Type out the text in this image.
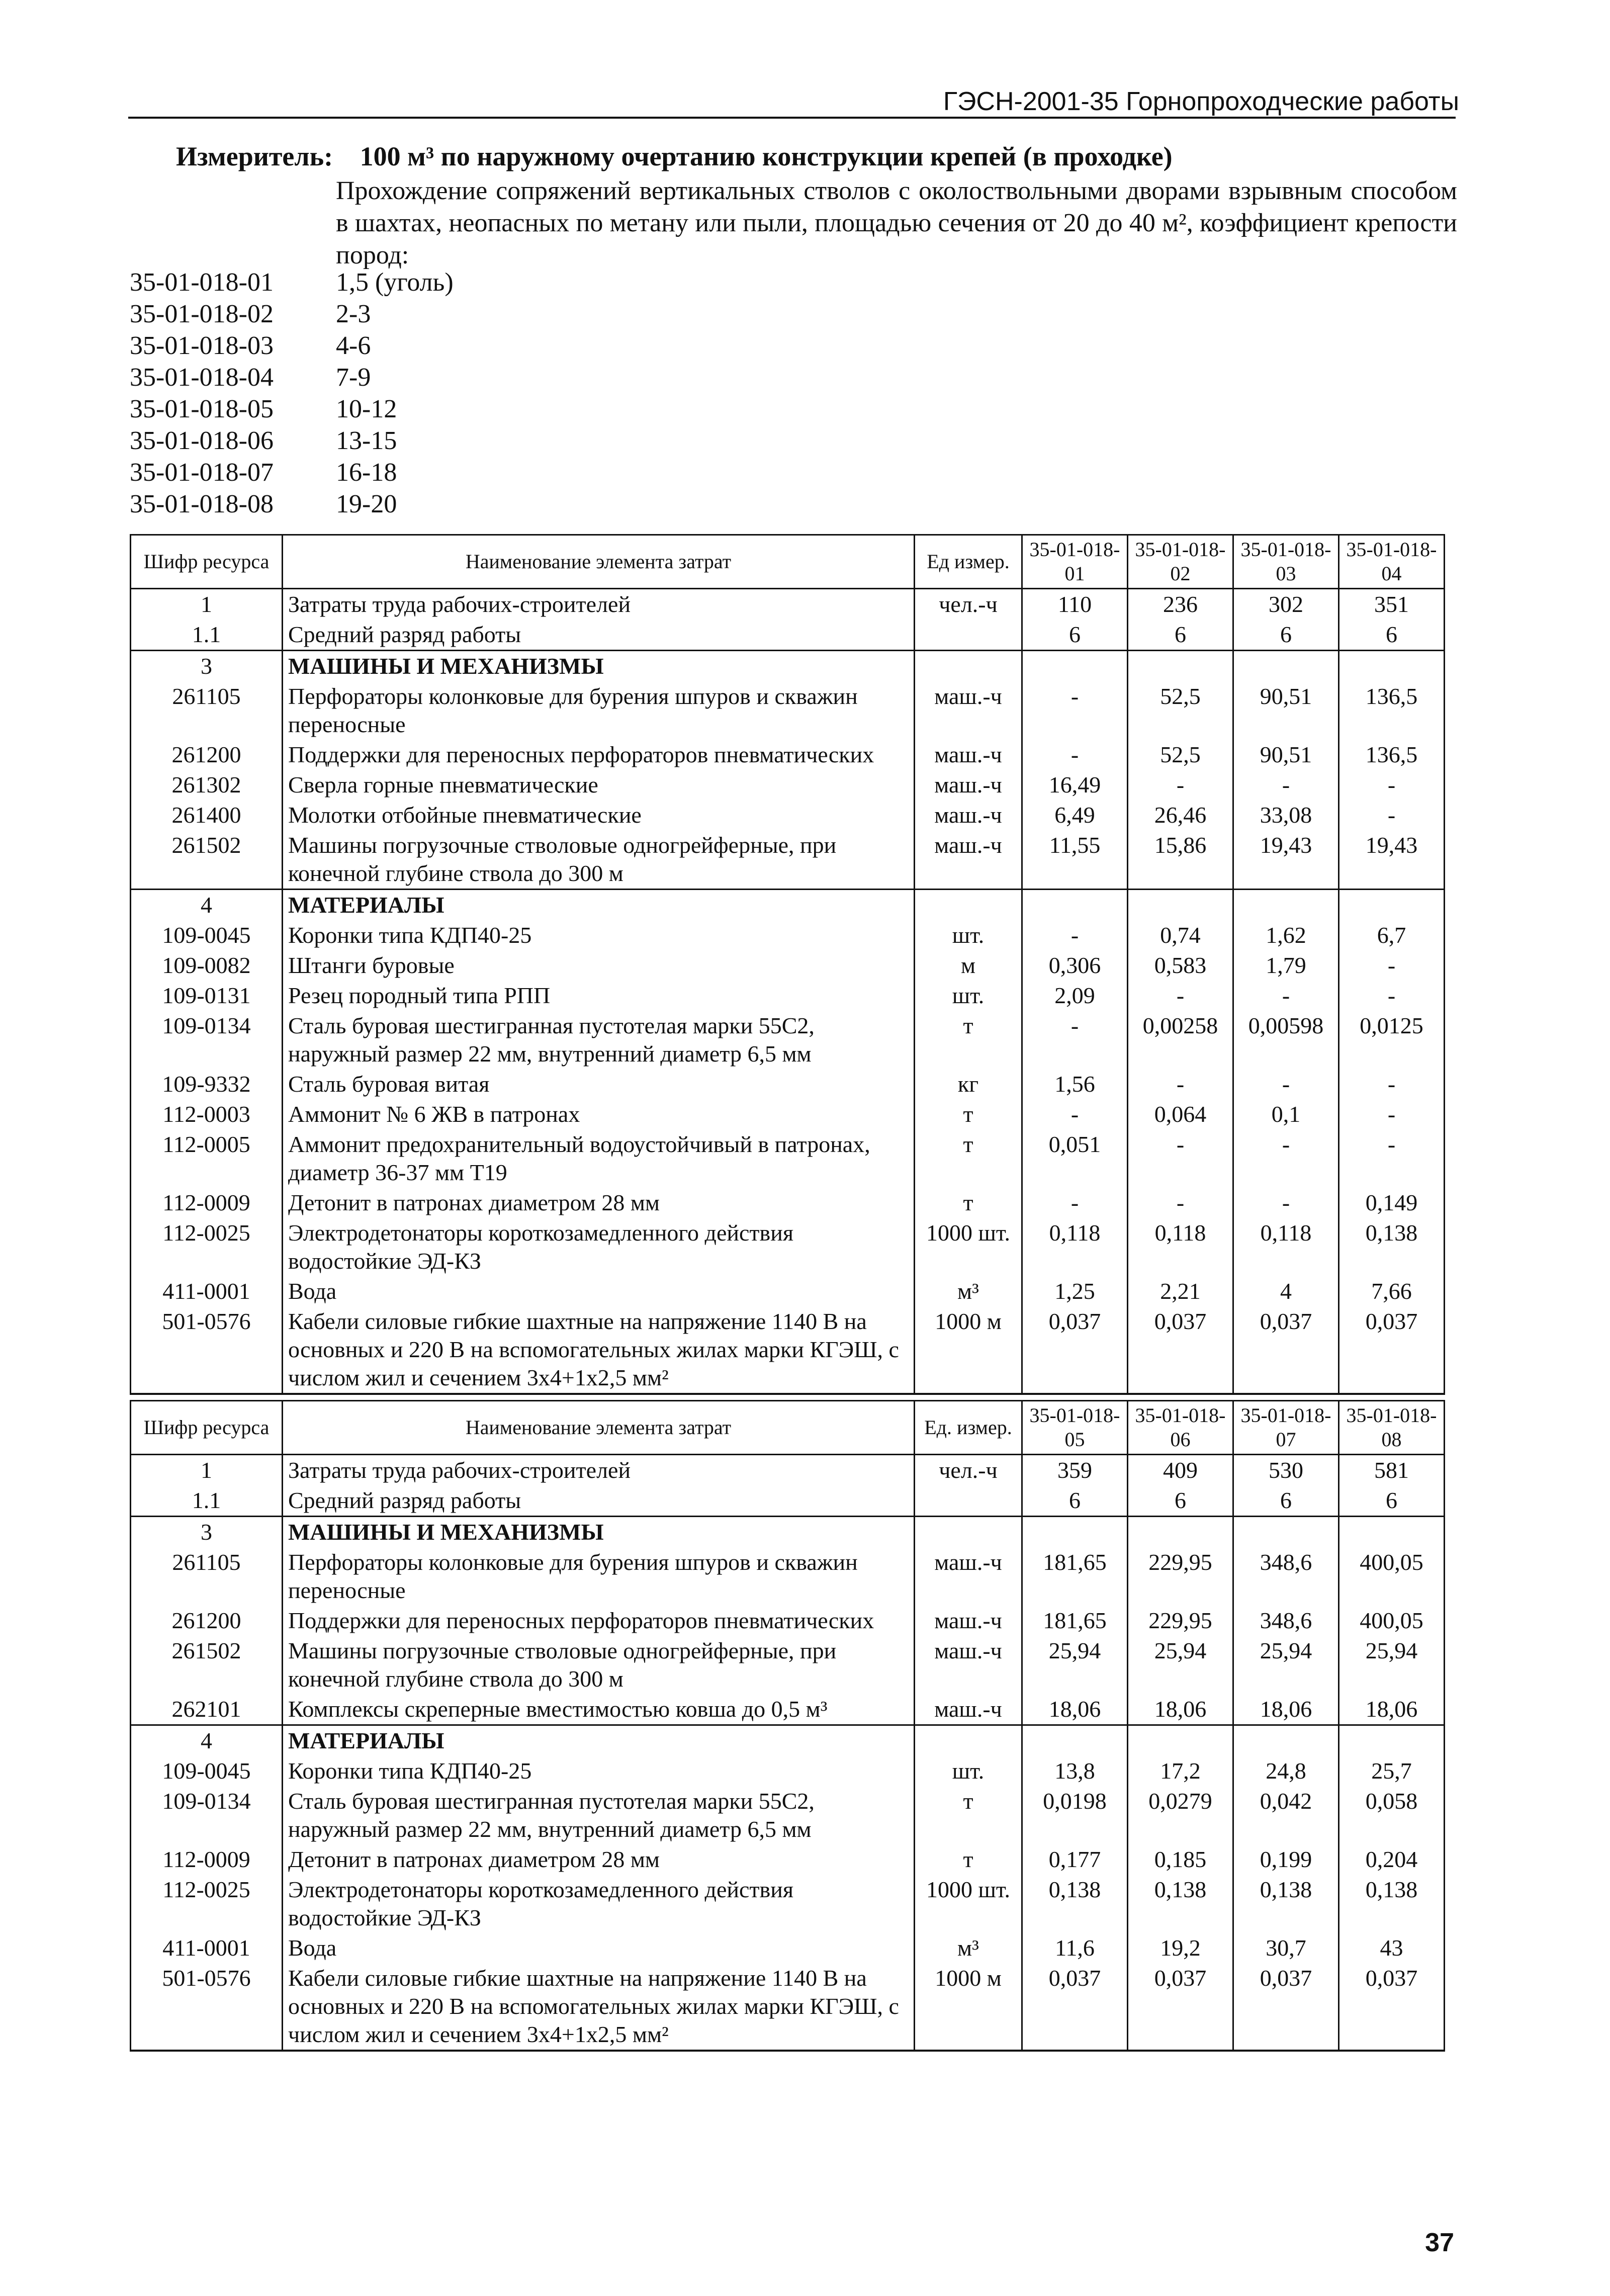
ГЭСН-2001-35 Горнопроходческие работы
Измеритель: 100 м³ по наружному очертанию конструкции крепей (в проходке)
Прохождение сопряжений вертикальных стволов с околоствольными дворами взрывным способом в шахтах, неопасных по метану или пыли, площадью сечения от 20 до 40 м², коэффициент крепости пород:
35-01-018-01	1,5 (уголь)
35-01-018-02	2-3
35-01-018-03	4-6
35-01-018-04	7-9
35-01-018-05	10-12
35-01-018-06	13-15
35-01-018-07	16-18
35-01-018-08	19-20
Шифр ресурса	Наименование элемента затрат	Ед измер.	35-01-018-01	35-01-018-02	35-01-018-03	35-01-018-04
1	Затраты труда рабочих-строителей	чел.-ч	110	236	302	351
1.1	Средний разряд работы		6	6	6	6
3	МАШИНЫ И МЕХАНИЗМЫ					
261105	Перфораторы колонковые для бурения шпуров и скважин переносные	маш.-ч	-	52,5	90,51	136,5
261200	Поддержки для переносных перфораторов пневматических	маш.-ч	-	52,5	90,51	136,5
261302	Сверла горные пневматические	маш.-ч	16,49	-	-	-
261400	Молотки отбойные пневматические	маш.-ч	6,49	26,46	33,08	-
261502	Машины погрузочные ствoловые одногрейферные, при конечной глубине ствола до 300 м	маш.-ч	11,55	15,86	19,43	19,43
4	МАТЕРИАЛЫ					
109-0045	Коронки типа КДП40-25	шт.	-	0,74	1,62	6,7
109-0082	Штанги буровые	м	0,306	0,583	1,79	-
109-0131	Резец породный типа РПП	шт.	2,09	-	-	-
109-0134	Сталь буровая шестигранная пустотелая марки 55С2, наружный размер 22 мм, внутренний диаметр 6,5 мм	т	-	0,00258	0,00598	0,0125
109-9332	Сталь буровая витая	кг	1,56	-	-	-
112-0003	Аммонит № 6 ЖВ в патронах	т	-	0,064	0,1	-
112-0005	Аммонит предохранительный водоустойчивый в патронах, диаметр 36-37 мм Т19	т	0,051	-	-	-
112-0009	Детонит в патронах диаметром 28 мм	т	-	-	-	0,149
112-0025	Электродетонаторы короткозамедленного действия водостойкие ЭД-КЗ	1000 шт.	0,118	0,118	0,118	0,138
411-0001	Вода	м³	1,25	2,21	4	7,66
501-0576	Кабели силовые гибкие шахтные на напряжение 1140 В на основных и 220 В на вспомогательных жилах марки КГЭШ, с числом жил и сечением 3х4+1х2,5 мм²	1000 м	0,037	0,037	0,037	0,037
Шифр ресурса	Наименование элемента затрат	Ед. измер.	35-01-018-05	35-01-018-06	35-01-018-07	35-01-018-08
1	Затраты труда рабочих-строителей	чел.-ч	359	409	530	581
1.1	Средний разряд работы		6	6	6	6
3	МАШИНЫ И МЕХАНИЗМЫ					
261105	Перфораторы колонковые для бурения шпуров и скважин переносные	маш.-ч	181,65	229,95	348,6	400,05
261200	Поддержки для переносных перфораторов пневматических	маш.-ч	181,65	229,95	348,6	400,05
261502	Машины погрузочные ствoловые одногрейферные, при конечной глубине ствола до 300 м	маш.-ч	25,94	25,94	25,94	25,94
262101	Комплексы скреперные вместимостью ковша до 0,5 м³	маш.-ч	18,06	18,06	18,06	18,06
4	МАТЕРИАЛЫ					
109-0045	Коронки типа КДП40-25	шт.	13,8	17,2	24,8	25,7
109-0134	Сталь буровая шестигранная пустотелая марки 55С2, наружный размер 22 мм, внутренний диаметр 6,5 мм	т	0,0198	0,0279	0,042	0,058
112-0009	Детонит в патронах диаметром 28 мм	т	0,177	0,185	0,199	0,204
112-0025	Электродетонаторы короткозамедленного действия водостойкие ЭД-КЗ	1000 шт.	0,138	0,138	0,138	0,138
411-0001	Вода	м³	11,6	19,2	30,7	43
501-0576	Кабели силовые гибкие шахтные на напряжение 1140 В на основных и 220 В на вспомогательных жилах марки КГЭШ, с числом жил и сечением 3х4+1х2,5 мм²	1000 м	0,037	0,037	0,037	0,037
37
